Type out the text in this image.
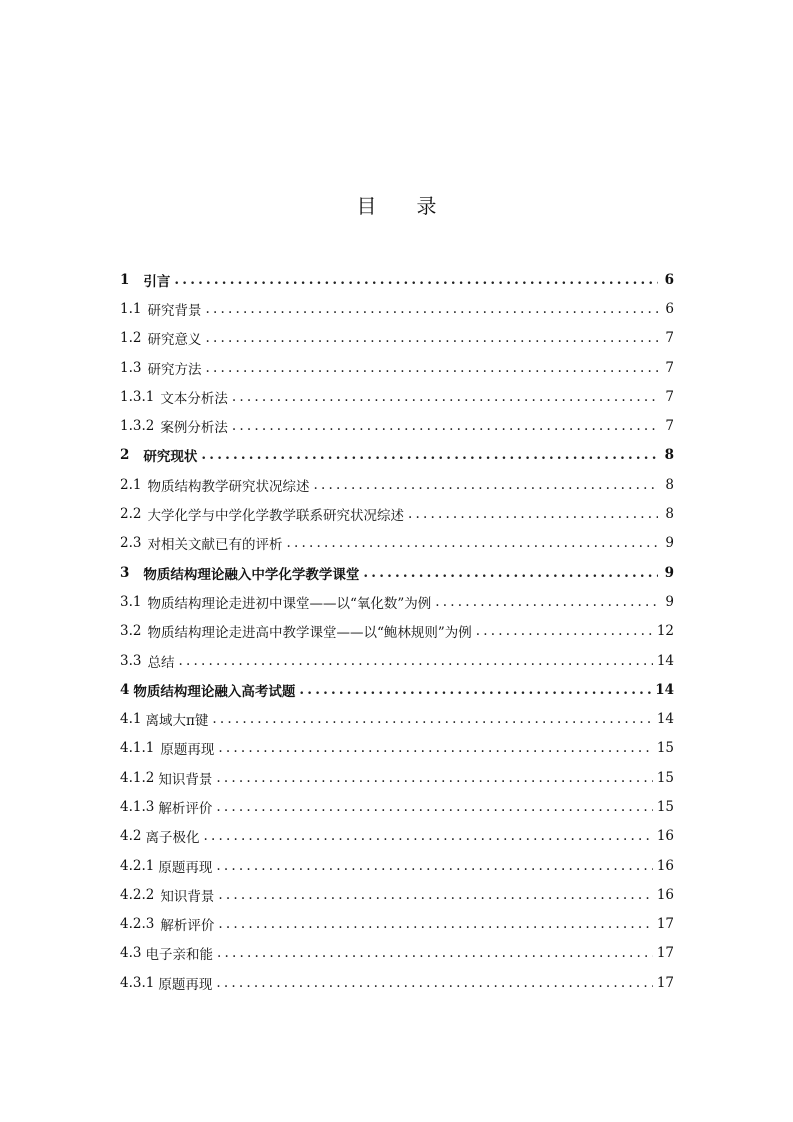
目　　录
1 引言 .....	6
1.1 研究背景 .....	6
1.2 研究意义 .....	7
1.3 研究方法 .....	7
1.3.1 文本分析法 .....	7
1.3.2 案例分析法 .....	7
2 研究现状 .....	8
2.1 物质结构教学研究状况综述 .....	8
2.2 大学化学与中学化学教学联系研究状况综述 .....	8
2.3 对相关文献已有的评析 .....	9
3 物质结构理论融入中学化学教学课堂 .....	9
3.1 物质结构理论走进初中课堂——以“氧化数”为例 .....	9
3.2 物质结构理论走进高中教学课堂——以“鲍林规则”为例 .....	12
3.3 总结 .....	14
4 物质结构理论融入高考试题 .....	14
4.1 离域大π键 .....	14
4.1.1 原题再现 .....	15
4.1.2 知识背景 .....	15
4.1.3 解析评价 .....	15
4.2 离子极化 .....	16
4.2.1 原题再现 .....	16
4.2.2 知识背景 .....	16
4.2.3 解析评价 .....	17
4.3 电子亲和能 .....	17
4.3.1 原题再现 .....	17
